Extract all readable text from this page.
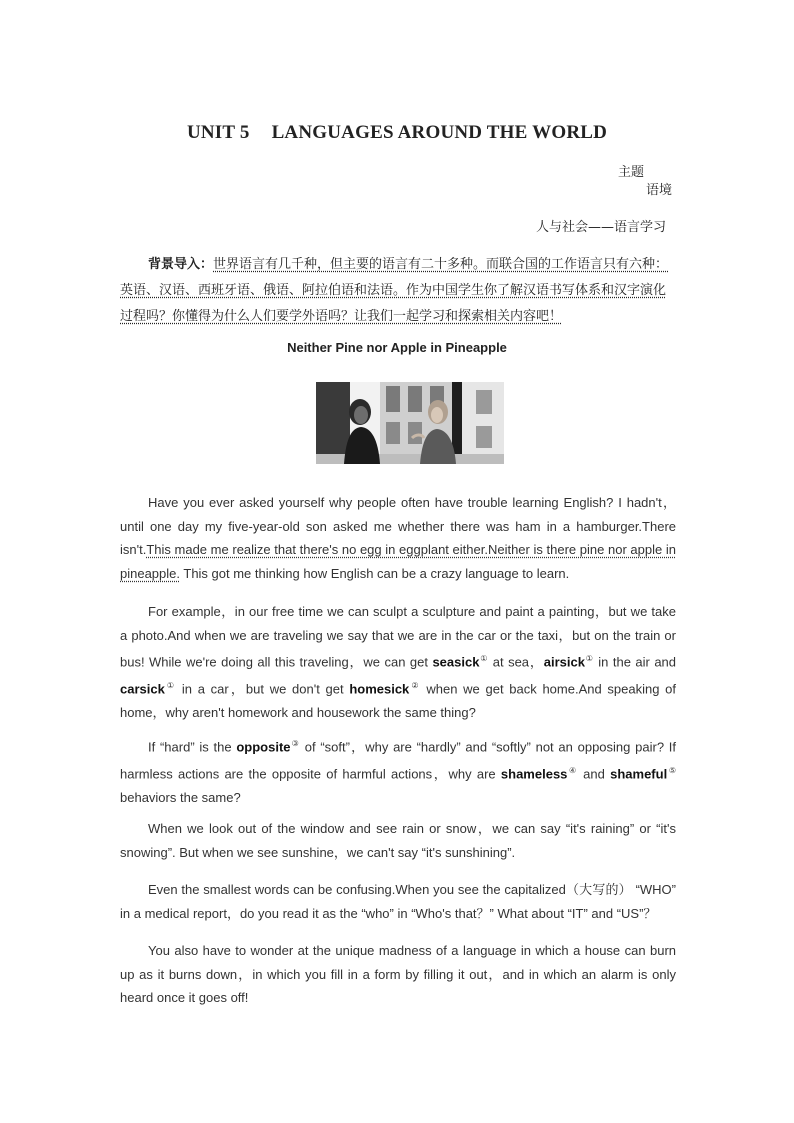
UNIT 5 LANGUAGES AROUND THE WORLD
主题
语境
人与社会——语言学习
背景导入：世界语言有几千种，但主要的语言有二十多种。而联合国的工作语言只有六种：英语、汉语、西班牙语、俄语、阿拉伯语和法语。作为中国学生你了解汉语书写体系和汉字演化过程吗？你懂得为什么人们要学外语吗？让我们一起学习和探索相关内容吧！
Neither Pine nor Apple in Pineapple
Have you ever asked yourself why people often have trouble learning English? I hadn't，until one day my five-year-old son asked me whether there was ham in a hamburger.There isn't.This made me realize that there's no egg in eggplant either.Neither is there pine nor apple in pineapple. This got me thinking how English can be a crazy language to learn.
For example，in our free time we can sculpt a sculpture and paint a painting，but we take a photo.And when we are traveling we say that we are in the car or the taxi，but on the train or bus! While we're doing all this traveling，we can get seasick① at sea，airsick① in the air and carsick① in a car，but we don't get homesick② when we get back home.And speaking of home，why aren't homework and housework the same thing?
If “hard” is the opposite③ of “soft”，why are “hardly” and “softly” not an opposing pair? If harmless actions are the opposite of harmful actions，why are shameless④ and shameful⑤ behaviors the same?
When we look out of the window and see rain or snow，we can say “it's raining” or “it's snowing”. But when we see sunshine，we can't say “it's sunshining”.
Even the smallest words can be confusing.When you see the capitalized（大写的） “WHO” in a medical report，do you read it as the “who” in “Who's that？” What about “IT” and “US”？
You also have to wonder at the unique madness of a language in which a house can burn up as it burns down，in which you fill in a form by filling it out，and in which an alarm is only heard once it goes off!
